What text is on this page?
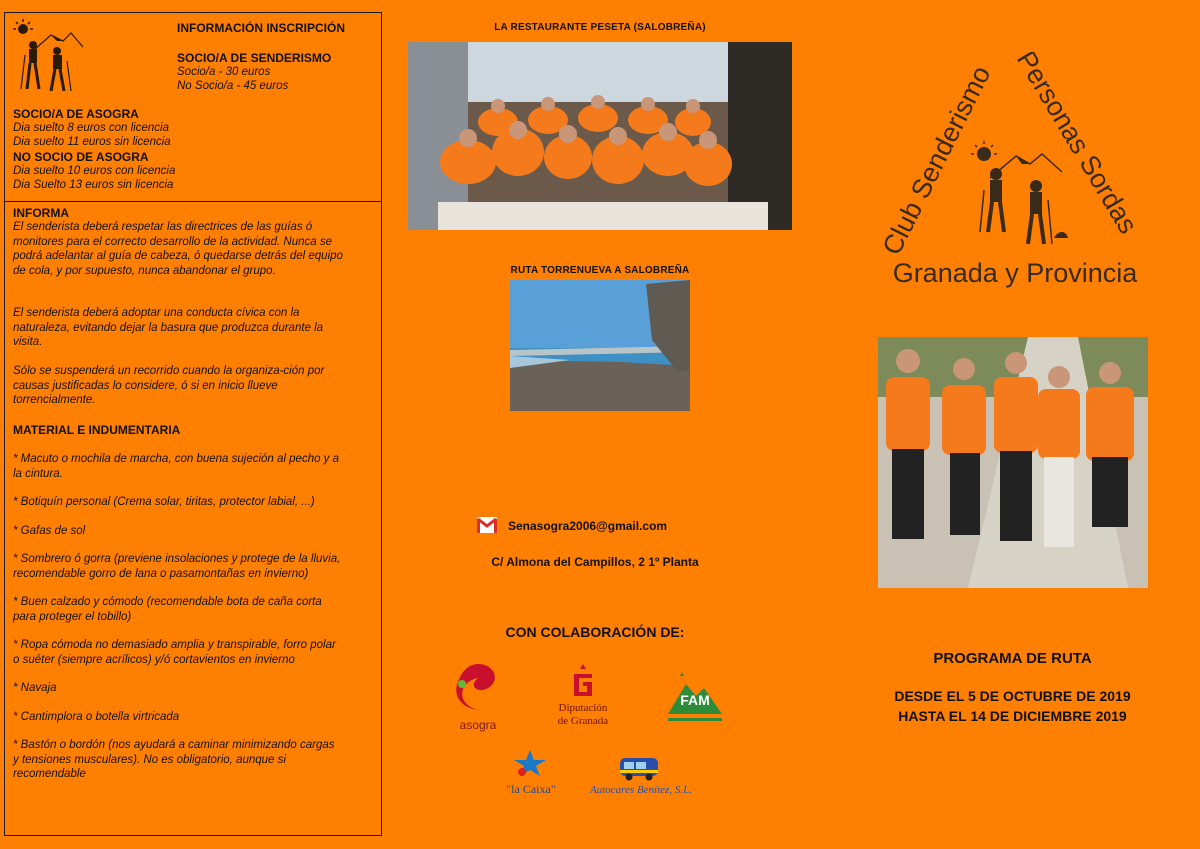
INFORMACIÓN INSCRIPCIÓN
SOCIO/A DE SENDERISMO
Socio/a - 30 euros
No Socio/a - 45 euros
SOCIO/A DE ASOGRA
Dia suelto 8 euros con licencia
Dia suelto 11 euros sin licencia
NO SOCIO DE ASOGRA
Dia suelto 10 euros con licencia
Dia Suelto 13 euros sin licencia
INFORMA
El senderista deberá respetar las directrices de las guías ó monitores para el correcto desarrollo de la actividad. Nunca se podrá adelantar al guía de cabeza, ó quedarse detrás del equipo de cola, y por supuesto, nunca abandonar el grupo.
El senderista deberá adoptar una conducta cívica con la naturaleza, evitando dejar la basura que produzca durante la visita.
Sólo se suspenderá un recorrido cuando la organiza-ción por causas justificadas lo considere, ó si en inicio llueve torrencialmente.
MATERIAL E INDUMENTARIA

* Macuto o mochila de marcha, con buena sujeción al pecho y a la cintura.

* Botiquín personal (Crema solar, tiritas, protector labial, ...)

* Gafas de sol

* Sombrero ó gorra (previene insolaciones y protege de la lluvia, recomendable gorro de lana o pasamontañas en invierno)

* Buen calzado y cómodo (recomendable bota de caña corta para proteger el tobillo)

* Ropa cómoda no demasiado amplia y transpirable, forro polar o suéter (siempre acrílicos) y/ó cortavientos en invierno

* Navaja

* Cantimplora o botella virtricada

* Bastón o bordón (nos ayudará a caminar minimizando cargas y tensiones musculares). No es obligatorio, aunque si recomendable

LA RESTAURANTE PESETA (SALOBREÑA)
RUTA TORRENUEVA A SALOBREÑA
Senasogra2006@gmail.com
C/ Almona del Campillos, 2 1º Planta
CON COLABORACIÓN DE:
asogra
Diputación
de Granada
FAM
"la Caixa"	Autocares Benítez, S.L.
Club Senderismo Personas Sordas
Granada y Provincia
PROGRAMA DE RUTA
DESDE EL 5 DE OCTUBRE DE 2019
HASTA EL 14 DE DICIEMBRE 2019
